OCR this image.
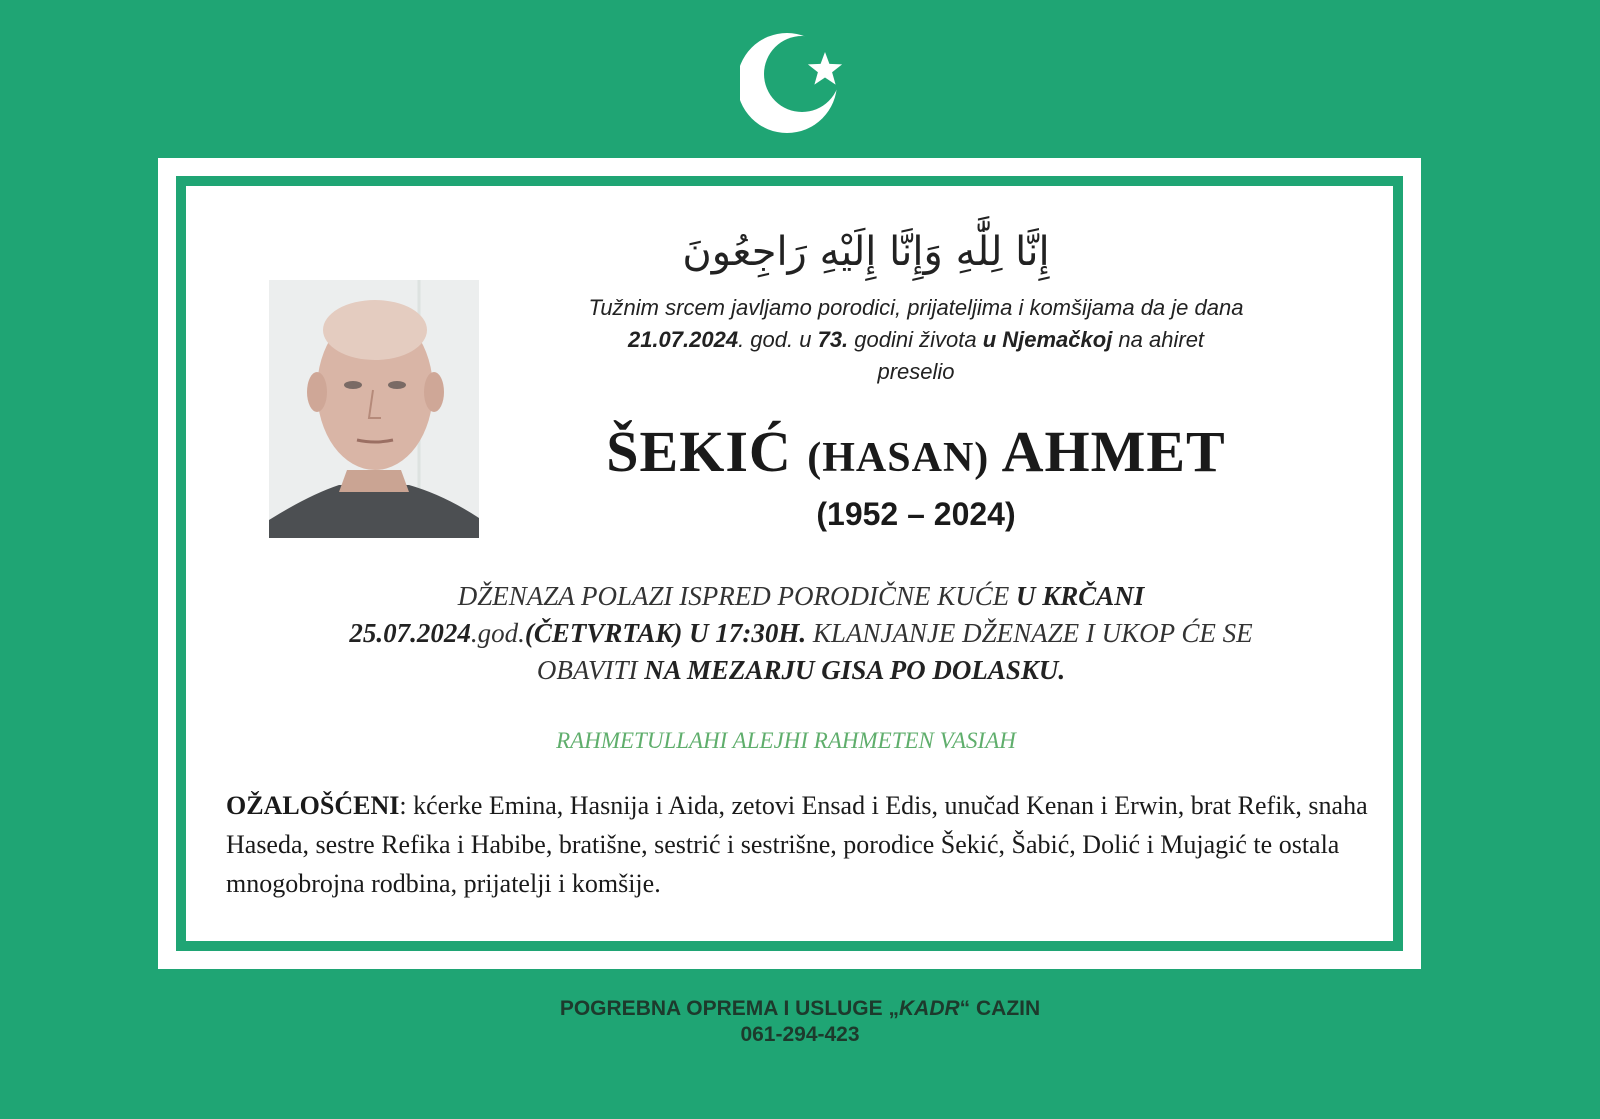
إِنَّا لِلَّٰهِ وَإِنَّا إِلَيْهِ رَاجِعُونَ
Tužnim srcem javljamo porodici, prijateljima i komšijama da je dana
21.07.2024. god. u 73. godini života u Njemačkoj na ahiret
preselio
ŠEKIĆ (HASAN) AHMET
(1952 – 2024)
DŽENAZA POLAZI ISPRED PORODIČNE KUĆE U KRČANI
25.07.2024.god.(ČETVRTAK) U 17:30H. KLANJANJE DŽENAZE I UKOP ĆE SE
OBAVITI NA MEZARJU GISA PO DOLASKU.
RAHMETULLAHI ALEJHI RAHMETEN VASIAH
OŽALOŠĆENI: kćerke Emina, Hasnija i Aida, zetovi Ensad i Edis, unučad Kenan i Erwin, brat Refik, snaha Haseda, sestre Refika i Habibe, bratišne, sestrić i sestrišne, porodice Šekić, Šabić, Dolić i Mujagić te ostala mnogobrojna rodbina, prijatelji i komšije.
POGREBNA OPREMA I USLUGE „KADR“ CAZIN
061-294-423
